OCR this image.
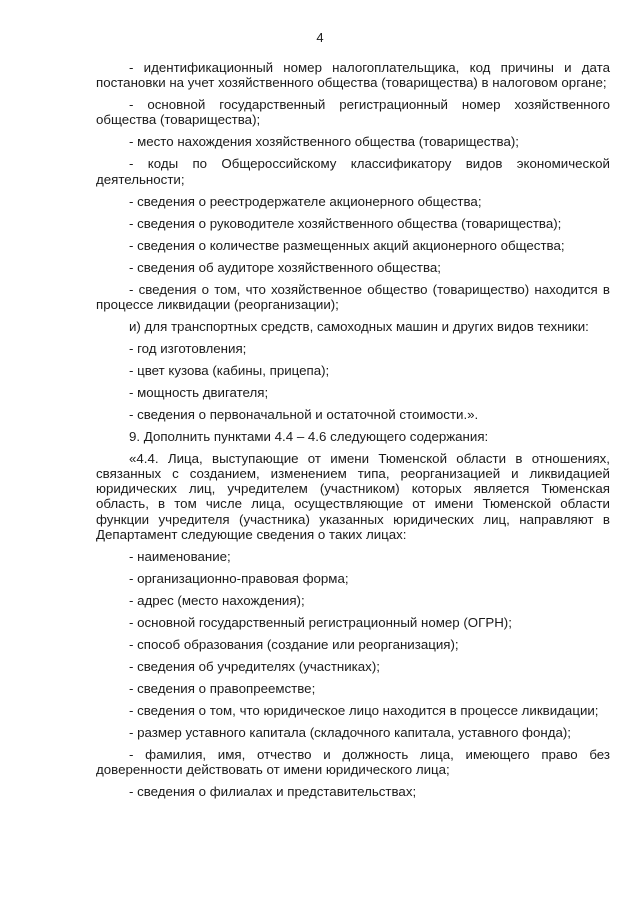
4

- идентификационный номер налогоплательщика, код причины и дата постановки на учет хозяйственного общества (товарищества) в налоговом органе;

- основной государственный регистрационный номер хозяйственного общества (товарищества);

- место нахождения хозяйственного общества (товарищества);

- коды по Общероссийскому классификатору видов экономической деятельности;

- сведения о реестродержателе акционерного общества;

- сведения о руководителе хозяйственного общества (товарищества);

- сведения о количестве размещенных акций акционерного общества;

- сведения об аудиторе хозяйственного общества;

- сведения о том, что хозяйственное общество (товарищество) находится в процессе ликвидации (реорганизации);

и) для транспортных средств, самоходных машин и других видов техники:

- год изготовления;

- цвет кузова (кабины, прицепа);

- мощность двигателя;

- сведения о первоначальной и остаточной стоимости.».

9. Дополнить пунктами 4.4 – 4.6 следующего содержания:

«4.4. Лица, выступающие от имени Тюменской области в отношениях, связанных с созданием, изменением типа, реорганизацией и ликвидацией юридических лиц, учредителем (участником) которых является Тюменская область, в том числе лица, осуществляющие от имени Тюменской области функции учредителя (участника) указанных юридических лиц, направляют в Департамент следующие сведения о таких лицах:

- наименование;

- организационно-правовая форма;

- адрес (место нахождения);

- основной государственный регистрационный номер (ОГРН);

- способ образования (создание или реорганизация);

- сведения об учредителях (участниках);

- сведения о правопреемстве;

- сведения о том, что юридическое лицо находится в процессе ликвидации;

- размер уставного капитала (складочного капитала, уставного фонда);

- фамилия, имя, отчество и должность лица, имеющего право без доверенности действовать от имени юридического лица;

- сведения о филиалах и представительствах;
